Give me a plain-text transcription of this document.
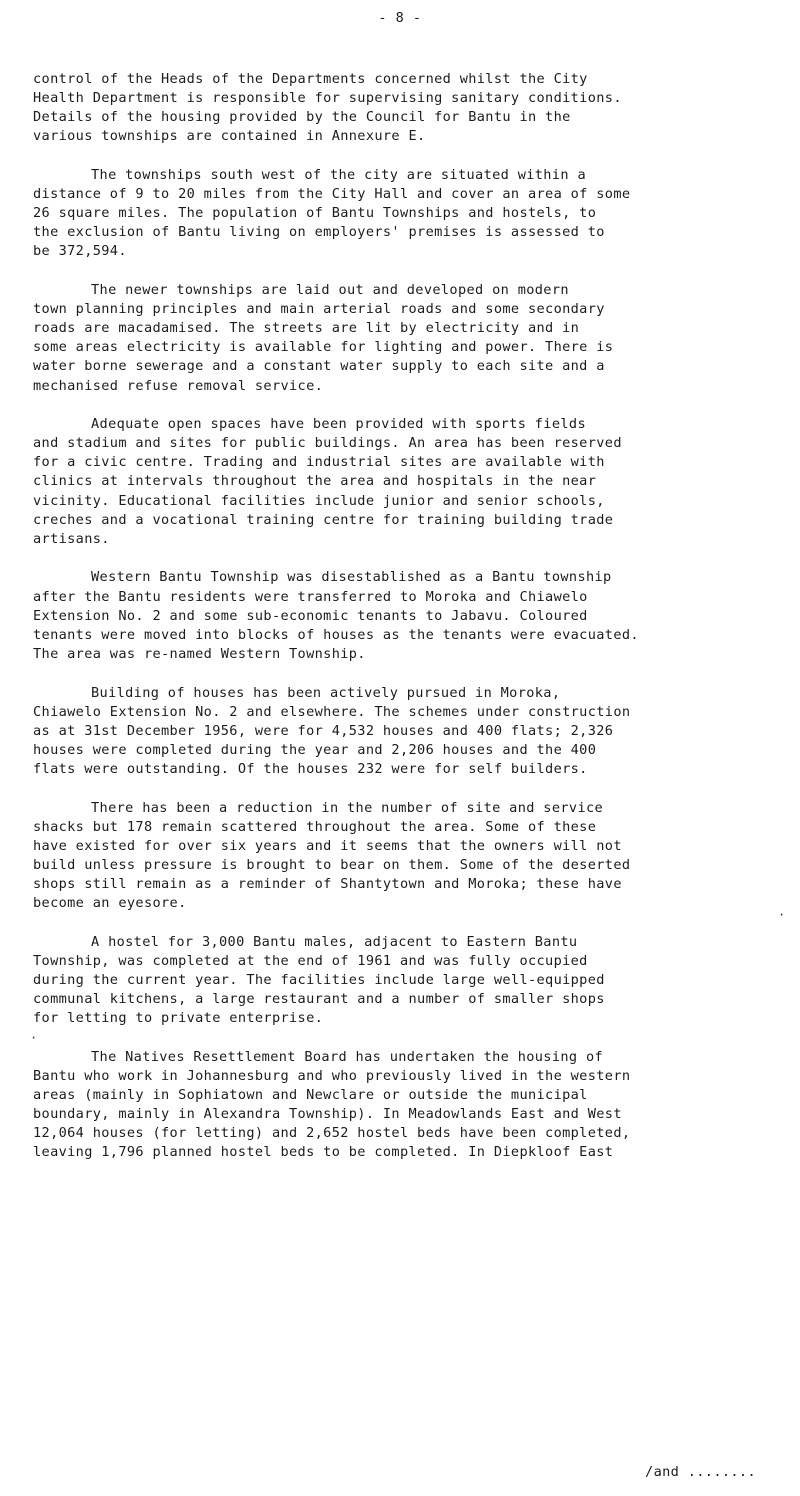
- 8 -
control of the Heads of the Departments concerned whilst the City
Health Department is responsible for supervising sanitary conditions.
Details of the housing provided by the Council for Bantu in the
various townships are contained in Annexure E.
The townships south west of the city are situated within a
distance of 9 to 20 miles from the City Hall and cover an area of some
26 square miles. The population of Bantu Townships and hostels, to
the exclusion of Bantu living on employers' premises is assessed to
be 372,594.
The newer townships are laid out and developed on modern
town planning principles and main arterial roads and some secondary
roads are macadamised. The streets are lit by electricity and in
some areas electricity is available for lighting and power. There is
water borne sewerage and a constant water supply to each site and a
mechanised refuse removal service.
Adequate open spaces have been provided with sports fields
and stadium and sites for public buildings. An area has been reserved
for a civic centre. Trading and industrial sites are available with
clinics at intervals throughout the area and hospitals in the near
vicinity. Educational facilities include junior and senior schools,
creches and a vocational training centre for training building trade
artisans.
Western Bantu Township was disestablished as a Bantu township
after the Bantu residents were transferred to Moroka and Chiawelo
Extension No. 2 and some sub-economic tenants to Jabavu. Coloured
tenants were moved into blocks of houses as the tenants were evacuated.
The area was re-named Western Township.
Building of houses has been actively pursued in Moroka,
Chiawelo Extension No. 2 and elsewhere. The schemes under construction
as at 31st December 1956, were for 4,532 houses and 400 flats; 2,326
houses were completed during the year and 2,206 houses and the 400
flats were outstanding. Of the houses 232 were for self builders.
There has been a reduction in the number of site and service
shacks but 178 remain scattered throughout the area. Some of these
have existed for over six years and it seems that the owners will not
build unless pressure is brought to bear on them. Some of the deserted
shops still remain as a reminder of Shantytown and Moroka; these have
become an eyesore.
A hostel for 3,000 Bantu males, adjacent to Eastern Bantu
Township, was completed at the end of 1961 and was fully occupied
during the current year. The facilities include large well-equipped
communal kitchens, a large restaurant and a number of smaller shops
for letting to private enterprise.
The Natives Resettlement Board has undertaken the housing of
Bantu who work in Johannesburg and who previously lived in the western
areas (mainly in Sophiatown and Newclare or outside the municipal
boundary, mainly in Alexandra Township). In Meadowlands East and West
12,064 houses (for letting) and 2,652 hostel beds have been completed,
leaving 1,796 planned hostel beds to be completed. In Diepkloof East
·
·
/and ........
